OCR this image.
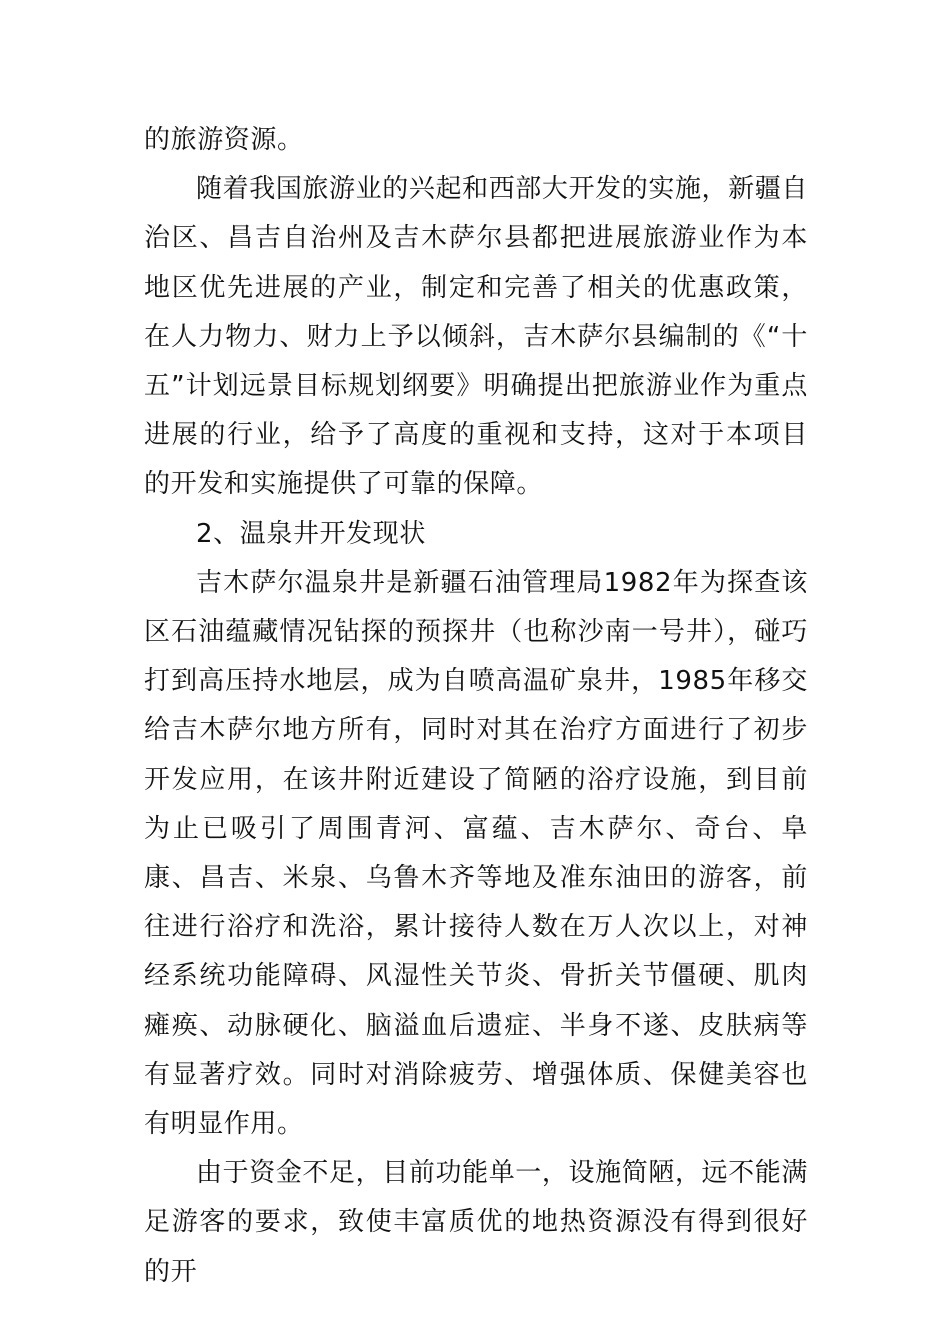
的旅游资源。

随着我国旅游业的兴起和西部大开发的实施，新疆自治区、昌吉自治州及吉木萨尔县都把进展旅游业作为本地区优先进展的产业，制定和完善了相关的优惠政策，在人力物力、财力上予以倾斜，吉木萨尔县编制的《“十五”计划远景目标规划纲要》明确提出把旅游业作为重点进展的行业，给予了高度的重视和支持，这对于本项目的开发和实施提供了可靠的保障。

2、温泉井开发现状

吉木萨尔温泉井是新疆石油管理局1982年为探查该区石油蕴藏情况钻探的预探井（也称沙南一号井），碰巧打到高压持水地层，成为自喷高温矿泉井，1985年移交给吉木萨尔地方所有，同时对其在治疗方面进行了初步开发应用，在该井附近建设了简陋的浴疗设施，到目前为止已吸引了周围青河、富蕴、吉木萨尔、奇台、阜康、昌吉、米泉、乌鲁木齐等地及准东油田的游客，前往进行浴疗和洗浴，累计接待人数在万人次以上，对神经系统功能障碍、风湿性关节炎、骨折关节僵硬、肌肉瘫痪、动脉硬化、脑溢血后遗症、半身不遂、皮肤病等有显著疗效。同时对消除疲劳、增强体质、保健美容也有明显作用。

由于资金不足，目前功能单一，设施简陋，远不能满足游客的要求，致使丰富质优的地热资源没有得到很好的开
